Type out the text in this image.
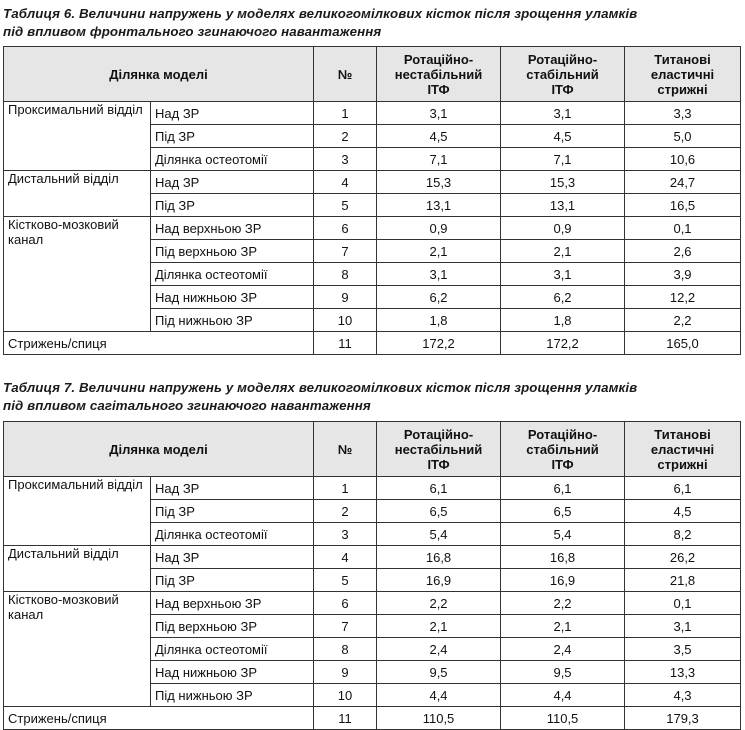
Таблиця 6. Величини напружень у моделях великогомілкових кісток після зрощення уламків
під впливом фронтального згинаючого навантаження
Ділянка моделі		№	Ротаційно-
нестабільний
ІТФ	Ротаційно-
стабільний
ІТФ	Титанові
еластичні
стрижні
Проксимальний відділ	Над ЗР	1	3,1	3,1	3,3
	Під ЗР	2	4,5	4,5	5,0
	Ділянка остеотомії	3	7,1	7,1	10,6
Дистальний відділ	Над ЗР	4	15,3	15,3	24,7
	Під ЗР	5	13,1	13,1	16,5
Кістково-мозковий канал	Над верхньою ЗР	6	0,9	0,9	0,1
	Під верхньою ЗР	7	2,1	2,1	2,6
	Ділянка остеотомії	8	3,1	3,1	3,9
	Над нижньою ЗР	9	6,2	6,2	12,2
	Під нижньою ЗР	10	1,8	1,8	2,2
Стрижень/спиця		11	172,2	172,2	165,0
Таблиця 7. Величини напружень у моделях великогомілкових кісток після зрощення уламків
під впливом сагітального згинаючого навантаження
Ділянка моделі		№	Ротаційно-
нестабільний
ІТФ	Ротаційно-
стабільний
ІТФ	Титанові
еластичні
стрижні
Проксимальний відділ	Над ЗР	1	6,1	6,1	6,1
	Під ЗР	2	6,5	6,5	4,5
	Ділянка остеотомії	3	5,4	5,4	8,2
Дистальний відділ	Над ЗР	4	16,8	16,8	26,2
	Під ЗР	5	16,9	16,9	21,8
Кістково-мозковий канал	Над верхньою ЗР	6	2,2	2,2	0,1
	Під верхньою ЗР	7	2,1	2,1	3,1
	Ділянка остеотомії	8	2,4	2,4	3,5
	Над нижньою ЗР	9	9,5	9,5	13,3
	Під нижньою ЗР	10	4,4	4,4	4,3
Стрижень/спиця		11	110,5	110,5	179,3
